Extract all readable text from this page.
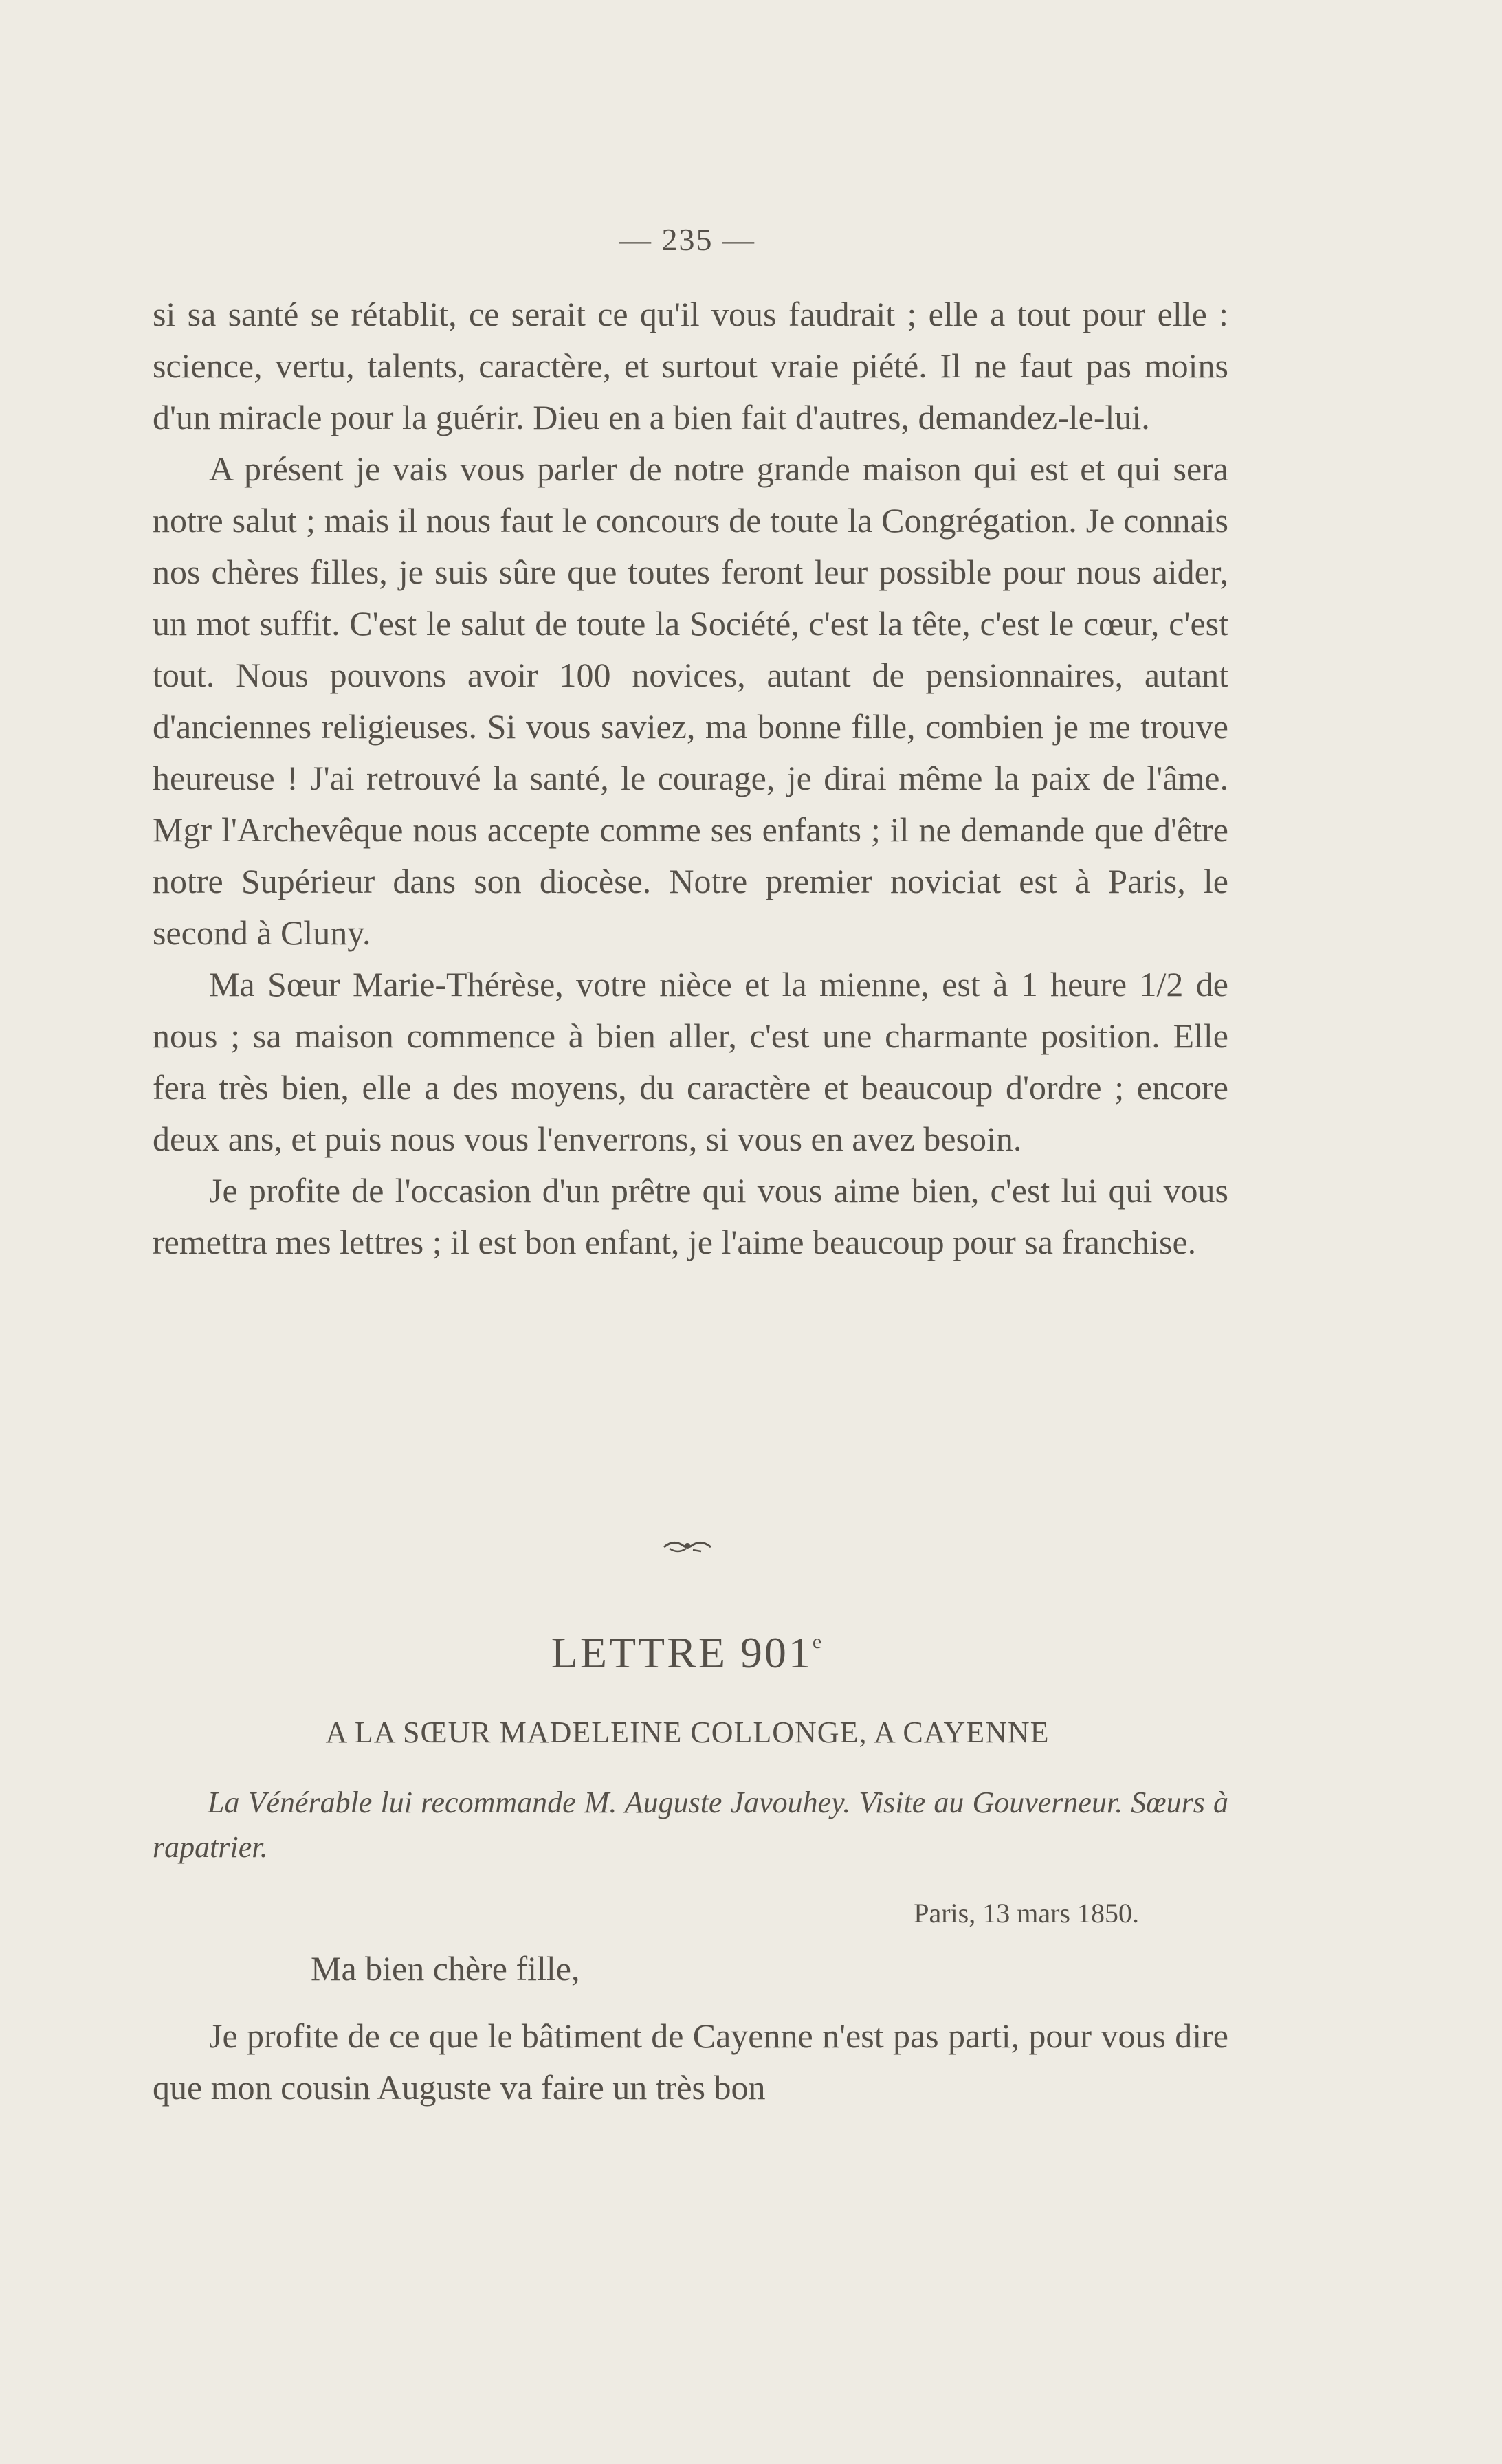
— 235 —

si sa santé se rétablit, ce serait ce qu'il vous faudrait ; elle a tout pour elle : science, vertu, talents, caractère, et surtout vraie piété. Il ne faut pas moins d'un miracle pour la guérir. Dieu en a bien fait d'autres, demandez-le-lui.

A présent je vais vous parler de notre grande maison qui est et qui sera notre salut ; mais il nous faut le concours de toute la Congrégation. Je connais nos chères filles, je suis sûre que toutes feront leur possible pour nous aider, un mot suffit. C'est le salut de toute la Société, c'est la tête, c'est le cœur, c'est tout. Nous pouvons avoir 100 novices, autant de pensionnaires, autant d'anciennes religieuses. Si vous saviez, ma bonne fille, combien je me trouve heureuse ! J'ai retrouvé la santé, le courage, je dirai même la paix de l'âme. Mgr l'Archevêque nous accepte comme ses enfants ; il ne demande que d'être notre Supérieur dans son diocèse. Notre premier noviciat est à Paris, le second à Cluny.

Ma Sœur Marie-Thérèse, votre nièce et la mienne, est à 1 heure 1/2 de nous ; sa maison commence à bien aller, c'est une charmante position. Elle fera très bien, elle a des moyens, du caractère et beaucoup d'ordre ; encore deux ans, et puis nous vous l'enverrons, si vous en avez besoin.

Je profite de l'occasion d'un prêtre qui vous aime bien, c'est lui qui vous remettra mes lettres ; il est bon enfant, je l'aime beaucoup pour sa franchise.

LETTRE 901e
A LA SŒUR MADELEINE COLLONGE, A CAYENNE
La Vénérable lui recommande M. Auguste Javouhey. Visite au Gouverneur. Sœurs à rapatrier.
Paris, 13 mars 1850.
Ma bien chère fille,
Je profite de ce que le bâtiment de Cayenne n'est pas parti, pour vous dire que mon cousin Auguste va faire un très bon
